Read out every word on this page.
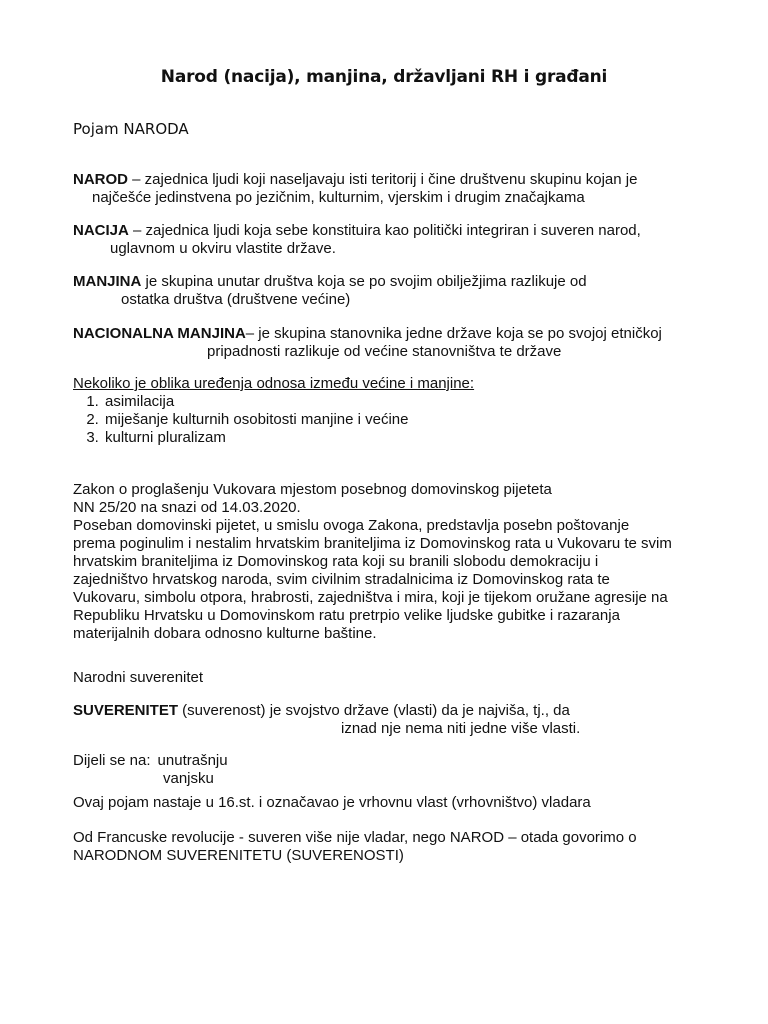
Narod (nacija), manjina, državljani RH i građani
Pojam NARODA

NAROD – zajednica ljudi koji naseljavaju isti teritorij i čine društvenu skupinu kojan je

najčešće jedinstvena po jezičnim, kulturnim, vjerskim i drugim značajkama

NACIJA – zajednica ljudi koja sebe konstituira kao politički integriran i suveren narod,

uglavnom u okviru vlastite države.

MANJINA je skupina unutar društva koja se po svojim obilježjima razlikuje od

ostatka društva (društvene većine)

NACIONALNA MANJINA– je skupina stanovnika jedne države koja se po svojoj etničkoj

pripadnosti razlikuje od većine stanovništva te države

Nekoliko je oblika uređenja odnosa između većine i manjine:

1. asimilacija
2. miješanje kulturnih osobitosti manjine i većine
3. kulturni pluralizam

Zakon o proglašenju Vukovara mjestom posebnog domovinskog pijeteta

NN 25/20 na snazi od 14.03.2020.

Poseban domovinski pijetet, u smislu ovoga Zakona, predstavlja posebn poštovanje

prema poginulim i nestalim hrvatskim braniteljima iz Domovinskog rata u Vukovaru te svim

hrvatskim braniteljima iz Domovinskog rata koji su branili slobodu demokraciju i

zajedništvo hrvatskog naroda, svim civilnim stradalnicima iz Domovinskog rata te

Vukovaru, simbolu otpora, hrabrosti, zajedništva i mira, koji je tijekom oružane agresije na

Republiku Hrvatsku u Domovinskom ratu pretrpio velike ljudske gubitke i razaranja

materijalnih dobara odnosno kulturne baštine.

Narodni suverenitet

SUVERENITET (suverenost) je svojstvo države (vlasti) da je najviša, tj., da

iznad nje nema niti jedne više vlasti.

Dijeli se na: unutrašnju

vanjsku

Ovaj pojam nastaje u 16.st. i označavao je vrhovnu vlast (vrhovništvo) vladara

Od Francuske revolucije - suveren više nije vladar, nego NAROD – otada govorimo o

NARODNOM SUVERENITETU (SUVERENOSTI)
